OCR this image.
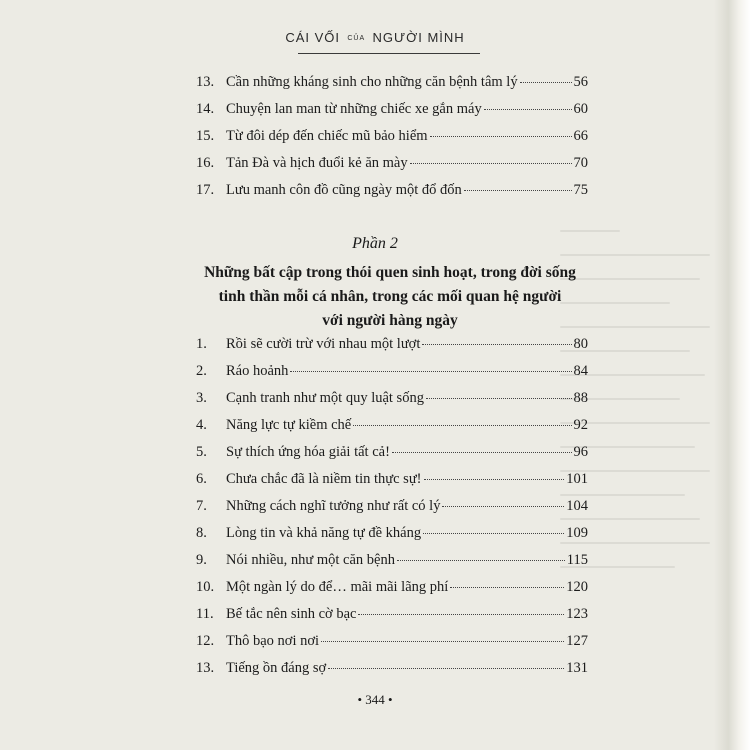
CÁI VỐI CỦA NGƯỜI MÌNH
13. Cần những kháng sinh cho những căn bệnh tâm lý	56
14. Chuyện lan man từ những chiếc xe gắn máy	60
15. Từ đôi dép đến chiếc mũ bảo hiểm	66
16. Tản Đà và hịch đuổi kẻ ăn mày	70
17. Lưu manh côn đồ cũng ngày một đổ đốn	75
Phần 2
Những bất cập trong thói quen sinh hoạt, trong đời sống
tinh thần mỗi cá nhân, trong các mối quan hệ người
với người hàng ngày
1.	Rồi sẽ cười trừ với nhau một lượt	80
2.	Ráo hoảnh	84
3.	Cạnh tranh như một quy luật sống	88
4.	Năng lực tự kiềm chế	92
5.	Sự thích ứng hóa giải tất cả!	96
6.	Chưa chắc đã là niềm tin thực sự!	101
7.	Những cách nghĩ tưởng như rất có lý	104
8.	Lòng tin và khả năng tự đề kháng	109
9.	Nói nhiều, như một căn bệnh	115
10. Một ngàn lý do để… mãi mãi lãng phí	120
11. Bế tắc nên sinh cờ bạc	123
12. Thô bạo nơi nơi	127
13. Tiếng ồn đáng sợ	131
• 344 •
